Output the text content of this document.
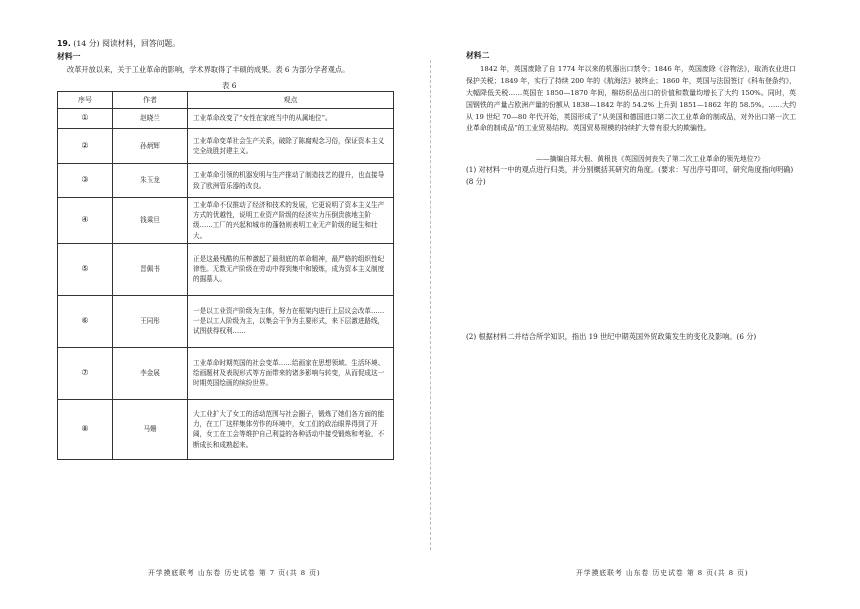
19. (14 分) 阅读材料，回答问题。
材料一
改革开放以来，关于工业革命的影响，学术界取得了丰硕的成果。表 6 为部分学者观点。
表 6
序号	作者	观点
①	赵晓兰	工业革命改变了“女性在家庭当中的从属地位”。
②	孙炳辉	工业革命变革社会生产关系，破除了陈腐观念习俗，保证资本主义完全战胜封建主义。
③	朱玉龙	工业革命引领的机器发明与生产推动了制造技艺的提升，也直接导致了欧洲管乐器的改良。
④	钱乘旦	工业革命不仅推动了经济和技术的发展，它更说明了资本主义生产方式的优越性，说明工业资产阶级的经济实力压倒贵族地主阶级……工厂的兴起和城市的蓬勃则表明工业无产阶级的诞生和壮大。
⑤	晋佩书	正是这最残酷的压榨激起了最彻底的革命精神，最严格的组织性纪律性。无数无产阶级在劳动中得到集中和锻炼，成为资本主义制度的掘墓人。
⑥	王同彤	一是以工业资产阶级为主体，努力在框架内进行上层议会改革……一是以工人阶级为主，以集会干争为主要形式，来下层激进路线，试图获得权利……
⑦	李金展	工业革命时期英国的社会变革……给画家在思想领域、生活环境、绘画题材及表现形式等方面带来的诸多影响与转变，从而促成这一时期英国绘画的缤纷世界。
⑧	马姗	大工业扩大了女工的活动范围与社会圈子，锻炼了她们各方面的能力，在工厂这样集体劳作的环境中，女工们的政治眼界得到了开阔，女工在工会等维护自己利益的各种活动中接受锻炼和考验，不断成长和成熟起来。
开学摸底联考 山东卷 历史试卷 第 7 页(共 8 页)
材料二
1842 年，英国废除了自 1774 年以来的机器出口禁令；1846 年，英国废除《谷物法》，取消农业进口保护关税；1849 年，实行了持续 200 年的《航海法》被终止；1860 年，英国与法国签订《科布登条约》，大幅降低关税……英国在 1850—1870 年间，棉纺织品出口的价值和数量均增长了大约 150%。同时，英国钢铁的产量占欧洲产量的份额从 1838—1842 年的 54.2% 上升到 1851—1862 年的 58.5%。……大约从 19 世纪 70—80 年代开始，英国形成了“从美国和德国进口第二次工业革命的制成品，对外出口第一次工业革命的制成品”的工业贸易结构。英国贸易规模的持续扩大带有很大的欺骗性。
——摘编自郑大根、黄根良《英国因何丧失了第二次工业革命的领先地位?》
(1) 对材料一中的观点进行归类，并分别概括其研究的角度。(要求：写出序号即可，研究角度指向明确) (8 分)
(2) 根据材料二并结合所学知识，指出 19 世纪中期英国外贸政策发生的变化及影响。(6 分)
开学摸底联考 山东卷 历史试卷 第 8 页(共 8 页)
